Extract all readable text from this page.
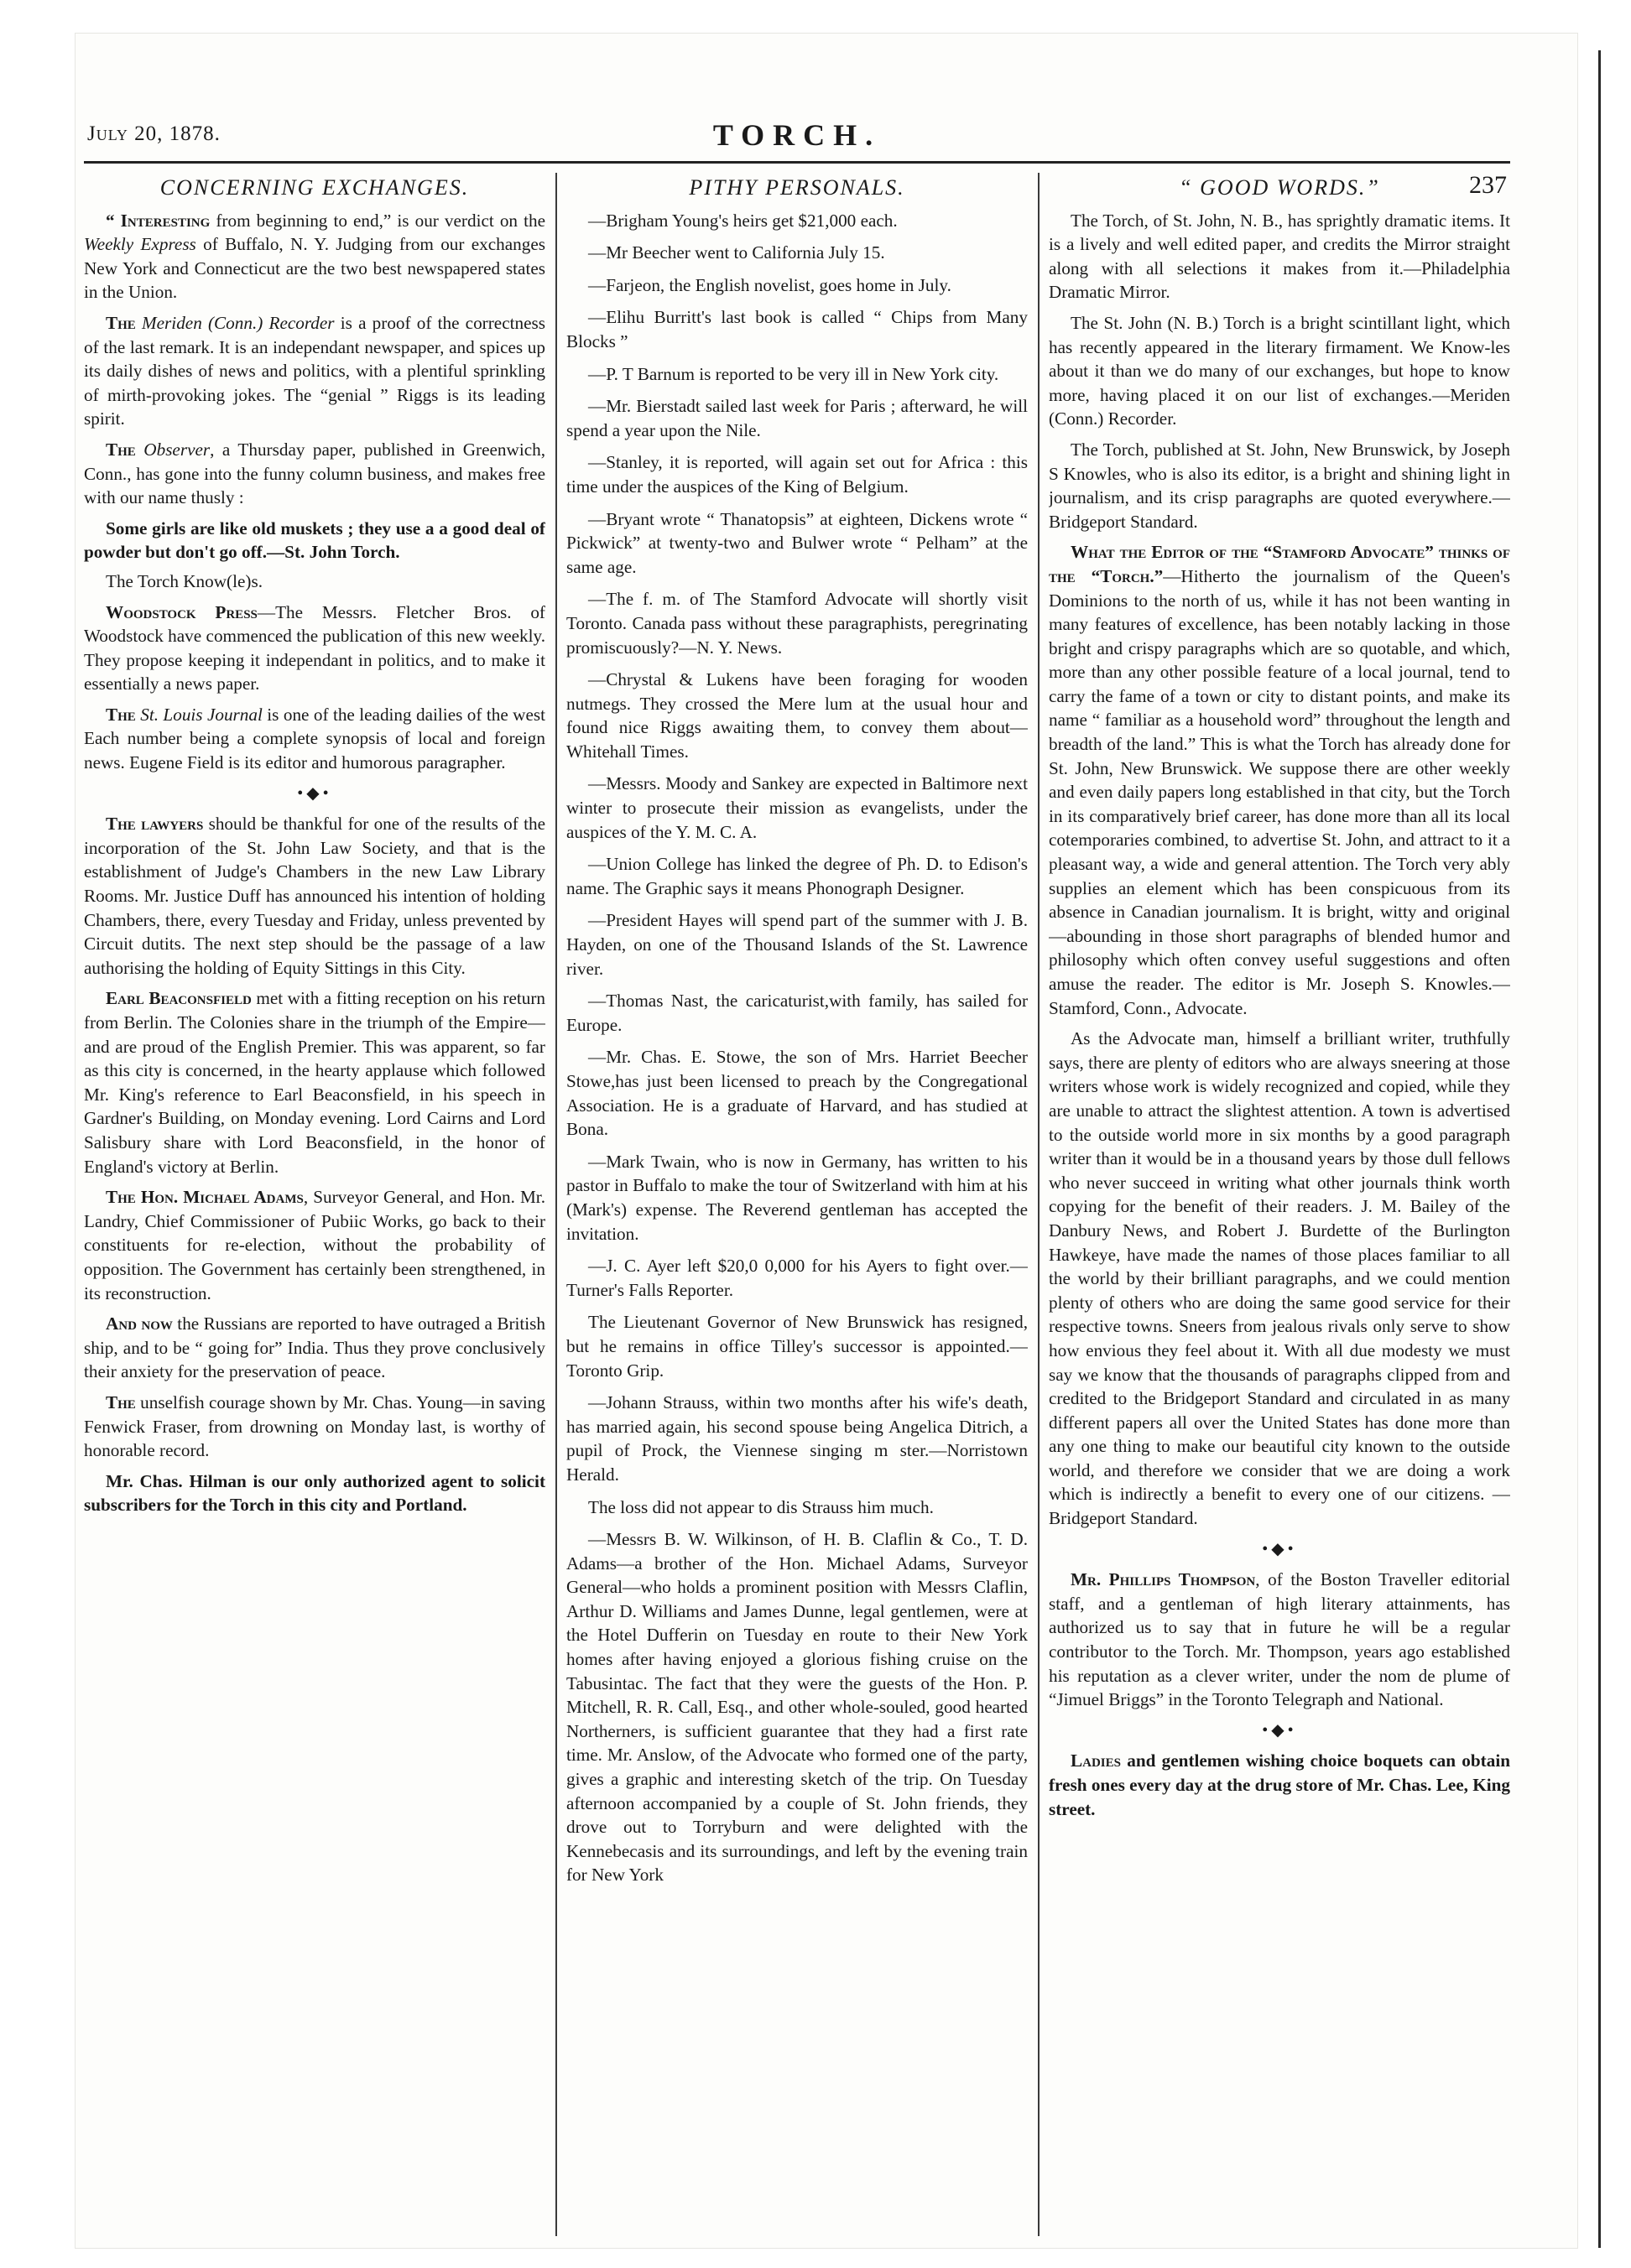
July 20, 1878.	TORCH.
237
CONCERNING EXCHANGES.

“ Interesting from beginning to end,” is our verdict on the Weekly Express of Buffalo, N. Y. Judging from our exchanges New York and Connecticut are the two best newspapered states in the Union.

The Meriden (Conn.) Recorder is a proof of the correctness of the last remark. It is an independant newspaper, and spices up its daily dishes of news and politics, with a plentiful sprinkling of mirth-provoking jokes. The “genial ” Riggs is its leading spirit.

The Observer, a Thursday paper, published in Greenwich, Conn., has gone into the funny column business, and makes free with our name thusly :

Some girls are like old muskets ; they use a a good deal of powder but don't go off.—St. John Torch.

The Torch Know(le)s.

Woodstock Press—The Messrs. Fletcher Bros. of Woodstock have commenced the publication of this new weekly. They propose keeping it independant in politics, and to make it essentially a news paper.

The St. Louis Journal is one of the leading dailies of the west Each number being a complete synopsis of local and foreign news. Eugene Field is its editor and humorous paragrapher.

•◆•

The lawyers should be thankful for one of the results of the incorporation of the St. John Law Society, and that is the establishment of Judge's Chambers in the new Law Library Rooms. Mr. Justice Duff has announced his intention of holding Chambers, there, every Tuesday and Friday, unless prevented by Circuit dutits. The next step should be the passage of a law authorising the holding of Equity Sittings in this City.

Earl Beaconsfield met with a fitting reception on his return from Berlin. The Colonies share in the triumph of the Empire—and are proud of the English Premier. This was apparent, so far as this city is concerned, in the hearty applause which followed Mr. King's reference to Earl Beaconsfield, in his speech in Gardner's Building, on Monday evening. Lord Cairns and Lord Salisbury share with Lord Beaconsfield, in the honor of England's victory at Berlin.

The Hon. Michael Adams, Surveyor General, and Hon. Mr. Landry, Chief Commissioner of Pubiic Works, go back to their constituents for re-election, without the probability of opposition. The Government has certainly been strengthened, in its reconstruction.

And now the Russians are reported to have outraged a British ship, and to be “ going for” India. Thus they prove conclusively their anxiety for the preservation of peace.

The unselfish courage shown by Mr. Chas. Young—in saving Fenwick Fraser, from drowning on Monday last, is worthy of honorable record.

Mr. Chas. Hilman is our only authorized agent to solicit subscribers for the Torch in this city and Portland.

PITHY PERSONALS.

—Brigham Young's heirs get $21,000 each.

—Mr Beecher went to California July 15.

—Farjeon, the English novelist, goes home in July.

—Elihu Burritt's last book is called “ Chips from Many Blocks ”

—P. T Barnum is reported to be very ill in New York city.

—Mr. Bierstadt sailed last week for Paris ; afterward, he will spend a year upon the Nile.

—Stanley, it is reported, will again set out for Africa : this time under the auspices of the King of Belgium.

—Bryant wrote “ Thanatopsis” at eighteen, Dickens wrote “ Pickwick” at twenty-two and Bulwer wrote “ Pelham” at the same age.

—The f. m. of The Stamford Advocate will shortly visit Toronto. Canada pass without these paragraphists, peregrinating promiscuously?—N. Y. News.

—Chrystal & Lukens have been foraging for wooden nutmegs. They crossed the Mere lum at the usual hour and found nice Riggs awaiting them, to convey them about—Whitehall Times.

—Messrs. Moody and Sankey are expected in Baltimore next winter to prosecute their mission as evangelists, under the auspices of the Y. M. C. A.

—Union College has linked the degree of Ph. D. to Edison's name. The Graphic says it means Phonograph Designer.

—President Hayes will spend part of the summer with J. B. Hayden, on one of the Thousand Islands of the St. Lawrence river.

—Thomas Nast, the caricaturist,with family, has sailed for Europe.

—Mr. Chas. E. Stowe, the son of Mrs. Harriet Beecher Stowe,has just been licensed to preach by the Congregational Association. He is a graduate of Harvard, and has studied at Bona.

—Mark Twain, who is now in Germany, has written to his pastor in Buffalo to make the tour of Switzerland with him at his (Mark's) expense. The Reverend gentleman has accepted the invitation.

—J. C. Ayer left $20,0 0,000 for his Ayers to fight over.—Turner's Falls Reporter.

The Lieutenant Governor of New Brunswick has resigned, but he remains in office Tilley's successor is appointed.—Toronto Grip.

—Johann Strauss, within two months after his wife's death, has married again, his second spouse being Angelica Ditrich, a pupil of Prock, the Viennese singing m ster.—Norristown Herald.

The loss did not appear to dis Strauss him much.

—Messrs B. W. Wilkinson, of H. B. Claflin & Co., T. D. Adams—a brother of the Hon. Michael Adams, Surveyor General—who holds a prominent position with Messrs Claflin, Arthur D. Williams and James Dunne, legal gentlemen, were at the Hotel Dufferin on Tuesday en route to their New York homes after having enjoyed a glorious fishing cruise on the Tabusintac. The fact that they were the guests of the Hon. P. Mitchell, R. R. Call, Esq., and other whole-souled, good hearted Northerners, is sufficient guarantee that they had a first rate time. Mr. Anslow, of the Advocate who formed one of the party, gives a graphic and interesting sketch of the trip. On Tuesday afternoon accompanied by a couple of St. John friends, they drove out to Torryburn and were delighted with the Kennebecasis and its surroundings, and left by the evening train for New York

“ GOOD WORDS.”

The Torch, of St. John, N. B., has sprightly dramatic items. It is a lively and well edited paper, and credits the Mirror straight along with all selections it makes from it.—Philadelphia Dramatic Mirror.

The St. John (N. B.) Torch is a bright scintillant light, which has recently appeared in the literary firmament. We Know-les about it than we do many of our exchanges, but hope to know more, having placed it on our list of exchanges.—Meriden (Conn.) Recorder.

The Torch, published at St. John, New Brunswick, by Joseph S Knowles, who is also its editor, is a bright and shining light in journalism, and its crisp paragraphs are quoted everywhere.—Bridgeport Standard.

What the Editor of the “Stamford Advocate” thinks of the “Torch.”—Hitherto the journalism of the Queen's Dominions to the north of us, while it has not been wanting in many features of excellence, has been notably lacking in those bright and crispy paragraphs which are so quotable, and which, more than any other possible feature of a local journal, tend to carry the fame of a town or city to distant points, and make its name “ familiar as a household word” throughout the length and breadth of the land.” This is what the Torch has already done for St. John, New Brunswick. We suppose there are other weekly and even daily papers long established in that city, but the Torch in its comparatively brief career, has done more than all its local cotemporaries combined, to advertise St. John, and attract to it a pleasant way, a wide and general attention. The Torch very ably supplies an element which has been conspicuous from its absence in Canadian journalism. It is bright, witty and original—abounding in those short paragraphs of blended humor and philosophy which often convey useful suggestions and often amuse the reader. The editor is Mr. Joseph S. Knowles.—Stamford, Conn., Advocate.

As the Advocate man, himself a brilliant writer, truthfully says, there are plenty of editors who are always sneering at those writers whose work is widely recognized and copied, while they are unable to attract the slightest attention. A town is advertised to the outside world more in six months by a good paragraph writer than it would be in a thousand years by those dull fellows who never succeed in writing what other journals think worth copying for the benefit of their readers. J. M. Bailey of the Danbury News, and Robert J. Burdette of the Burlington Hawkeye, have made the names of those places familiar to all the world by their brilliant paragraphs, and we could mention plenty of others who are doing the same good service for their respective towns. Sneers from jealous rivals only serve to show how envious they feel about it. With all due modesty we must say we know that the thousands of paragraphs clipped from and credited to the Bridgeport Standard and circulated in as many different papers all over the United States has done more than any one thing to make our beautiful city known to the outside world, and therefore we consider that we are doing a work which is indirectly a benefit to every one of our citizens. —Bridgeport Standard.

•◆•

Mr. Phillips Thompson, of the Boston Traveller editorial staff, and a gentleman of high literary attainments, has authorized us to say that in future he will be a regular contributor to the Torch. Mr. Thompson, years ago established his reputation as a clever writer, under the nom de plume of “Jimuel Briggs” in the Toronto Telegraph and National.

•◆•

Ladies and gentlemen wishing choice boquets can obtain fresh ones every day at the drug store of Mr. Chas. Lee, King street.
